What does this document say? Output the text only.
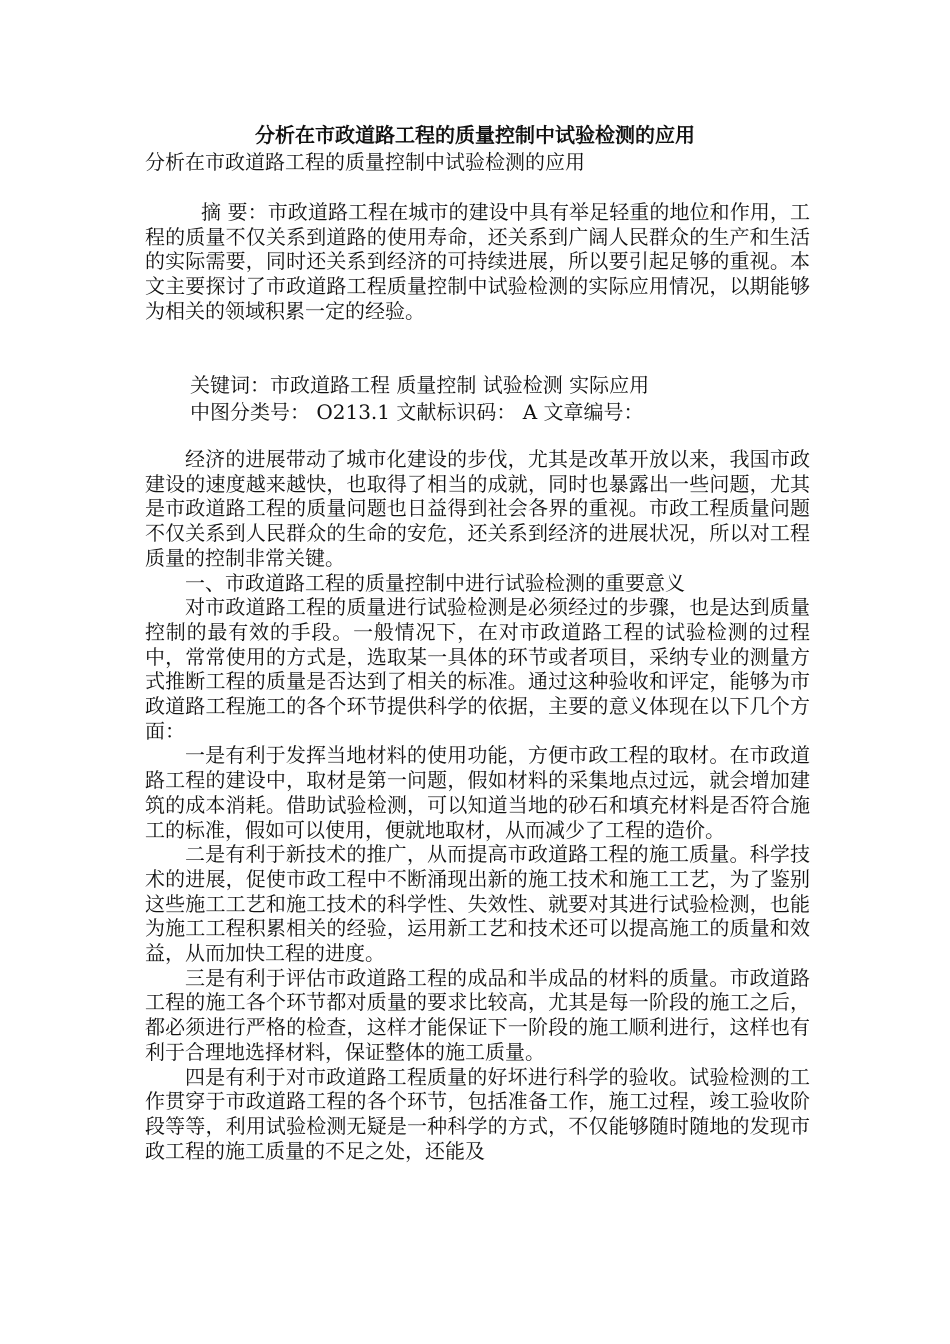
分析在市政道路工程的质量控制中试验检测的应用
分析在市政道路工程的质量控制中试验检测的应用

摘 要：市政道路工程在城市的建设中具有举足轻重的地位和作用，工程的质量不仅关系到道路的使用寿命，还关系到广阔人民群众的生产和生活的实际需要，同时还关系到经济的可持续进展，所以要引起足够的重视。本文主要探讨了市政道路工程质量控制中试验检测的实际应用情况，以期能够为相关的领域积累一定的经验。

关键词：市政道路工程 质量控制 试验检测 实际应用
中图分类号： O213.1 文献标识码： A 文章编号：

经济的进展带动了城市化建设的步伐，尤其是改革开放以来，我国市政建设的速度越来越快，也取得了相当的成就，同时也暴露出一些问题，尤其是市政道路工程的质量问题也日益得到社会各界的重视。市政工程质量问题不仅关系到人民群众的生命的安危，还关系到经济的进展状况，所以对工程质量的控制非常关键。

一、市政道路工程的质量控制中进行试验检测的重要意义

对市政道路工程的质量进行试验检测是必须经过的步骤，也是达到质量控制的最有效的手段。一般情况下，在对市政道路工程的试验检测的过程中，常常使用的方式是，选取某一具体的环节或者项目，采纳专业的测量方式推断工程的质量是否达到了相关的标准。通过这种验收和评定，能够为市政道路工程施工的各个环节提供科学的依据，主要的意义体现在以下几个方面：

一是有利于发挥当地材料的使用功能，方便市政工程的取材。在市政道路工程的建设中，取材是第一问题，假如材料的采集地点过远，就会增加建筑的成本消耗。借助试验检测，可以知道当地的砂石和填充材料是否符合施工的标准，假如可以使用，便就地取材，从而减少了工程的造价。

二是有利于新技术的推广，从而提高市政道路工程的施工质量。科学技术的进展，促使市政工程中不断涌现出新的施工技术和施工工艺，为了鉴别这些施工工艺和施工技术的科学性、失效性、就要对其进行试验检测，也能为施工工程积累相关的经验，运用新工艺和技术还可以提高施工的质量和效益，从而加快工程的进度。

三是有利于评估市政道路工程的成品和半成品的材料的质量。市政道路工程的施工各个环节都对质量的要求比较高，尤其是每一阶段的施工之后，都必须进行严格的检查，这样才能保证下一阶段的施工顺利进行，这样也有利于合理地选择材料，保证整体的施工质量。

四是有利于对市政道路工程质量的好坏进行科学的验收。试验检测的工作贯穿于市政道路工程的各个环节，包括准备工作，施工过程，竣工验收阶段等等，利用试验检测无疑是一种科学的方式，不仅能够随时随地的发现市政工程的施工质量的不足之处，还能及
